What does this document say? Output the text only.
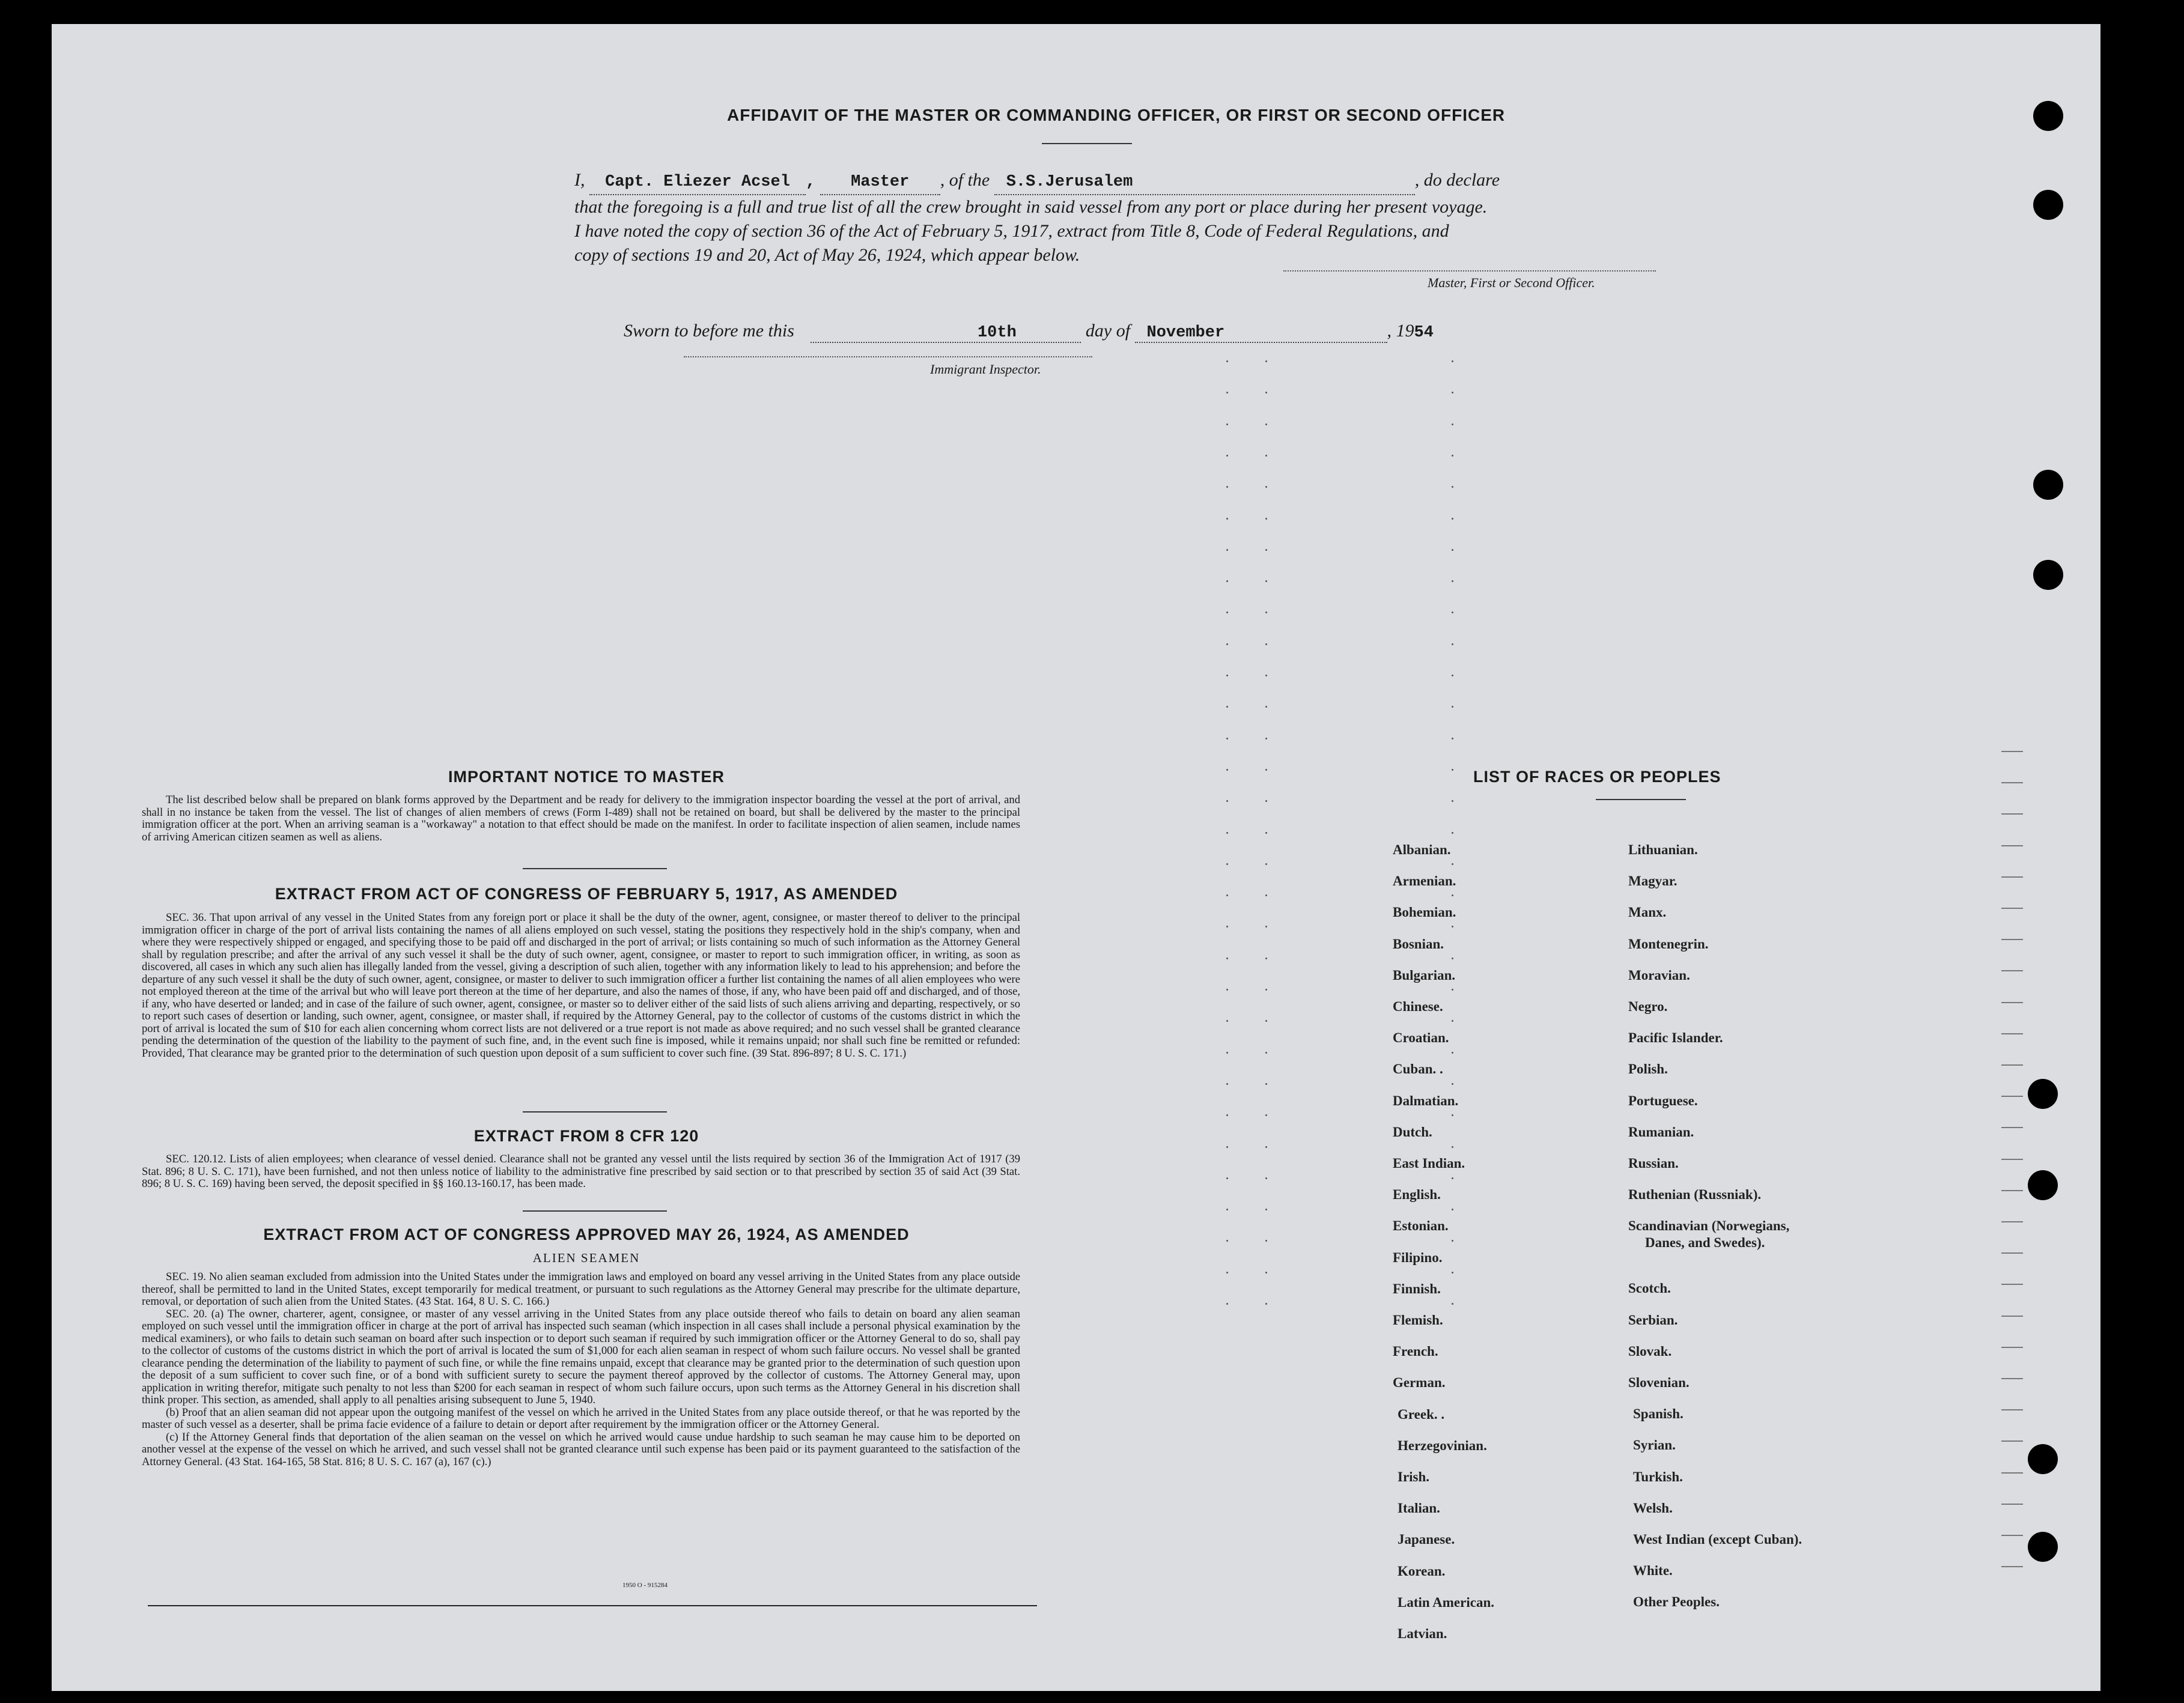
AFFIDAVIT OF THE MASTER OR COMMANDING OFFICER, OR FIRST OR SECOND OFFICER
I, Capt. Eliezer Acsel , Master , of the S.S.Jerusalem	, do declare
that the foregoing is a full and true list of all the crew brought in said vessel from any port or place during her present voyage.
I have noted the copy of section 36 of the Act of February 5, 1917, extract from Title 8, Code of Federal Regulations, and
copy of sections 19 and 20, Act of May 26, 1924, which appear below.
Master, First or Second Officer.
Sworn to before me this	10th	day of November	, 1954
Immigrant Inspector.
IMPORTANT NOTICE TO MASTER

The list described below shall be prepared on blank forms approved by the Department and be ready for delivery to the immigration inspector boarding the vessel at the port of arrival, and shall in no instance be taken from the vessel. The list of changes of alien members of crews (Form I-489) shall not be retained on board, but shall be delivered by the master to the principal immigration officer at the port. When an arriving seaman is a "workaway" a notation to that effect should be made on the manifest. In order to facilitate inspection of alien seamen, include names of arriving American citizen seamen as well as aliens.

EXTRACT FROM ACT OF CONGRESS OF FEBRUARY 5, 1917, AS AMENDED

SEC. 36. That upon arrival of any vessel in the United States from any foreign port or place it shall be the duty of the owner, agent, consignee, or master thereof to deliver to the principal immigration officer in charge of the port of arrival lists containing the names of all aliens employed on such vessel, stating the positions they respectively hold in the ship's company, when and where they were respectively shipped or engaged, and specifying those to be paid off and discharged in the port of arrival; or lists containing so much of such information as the Attorney General shall by regulation prescribe; and after the arrival of any such vessel it shall be the duty of such owner, agent, consignee, or master to report to such immigration officer, in writing, as soon as discovered, all cases in which any such alien has illegally landed from the vessel, giving a description of such alien, together with any information likely to lead to his apprehension; and before the departure of any such vessel it shall be the duty of such owner, agent, consignee, or master to deliver to such immigration officer a further list containing the names of all alien employees who were not employed thereon at the time of the arrival but who will leave port thereon at the time of her departure, and also the names of those, if any, who have been paid off and discharged, and of those, if any, who have deserted or landed; and in case of the failure of such owner, agent, consignee, or master so to deliver either of the said lists of such aliens arriving and departing, respectively, or so to report such cases of desertion or landing, such owner, agent, consignee, or master shall, if required by the Attorney General, pay to the collector of customs of the customs district in which the port of arrival is located the sum of $10 for each alien concerning whom correct lists are not delivered or a true report is not made as above required; and no such vessel shall be granted clearance pending the determination of the question of the liability to the payment of such fine, and, in the event such fine is imposed, while it remains unpaid; nor shall such fine be remitted or refunded: Provided, That clearance may be granted prior to the determination of such question upon deposit of a sum sufficient to cover such fine. (39 Stat. 896-897; 8 U. S. C. 171.)

EXTRACT FROM 8 CFR 120

SEC. 120.12. Lists of alien employees; when clearance of vessel denied. Clearance shall not be granted any vessel until the lists required by section 36 of the Immigration Act of 1917 (39 Stat. 896; 8 U. S. C. 171), have been furnished, and not then unless notice of liability to the administrative fine prescribed by said section or to that prescribed by section 35 of said Act (39 Stat. 896; 8 U. S. C. 169) having been served, the deposit specified in §§ 160.13-160.17, has been made.

EXTRACT FROM ACT OF CONGRESS APPROVED MAY 26, 1924, AS AMENDED
ALIEN SEAMEN

SEC. 19. No alien seaman excluded from admission into the United States under the immigration laws and employed on board any vessel arriving in the United States from any place outside thereof, shall be permitted to land in the United States, except temporarily for medical treatment, or pursuant to such regulations as the Attorney General may prescribe for the ultimate departure, removal, or deportation of such alien from the United States. (43 Stat. 164, 8 U. S. C. 166.)

SEC. 20. (a) The owner, charterer, agent, consignee, or master of any vessel arriving in the United States from any place outside thereof who fails to detain on board any alien seaman employed on such vessel until the immigration officer in charge at the port of arrival has inspected such seaman (which inspection in all cases shall include a personal physical examination by the medical examiners), or who fails to detain such seaman on board after such inspection or to deport such seaman if required by such immigration officer or the Attorney General to do so, shall pay to the collector of customs of the customs district in which the port of arrival is located the sum of $1,000 for each alien seaman in respect of whom such failure occurs. No vessel shall be granted clearance pending the determination of the liability to payment of such fine, or while the fine remains unpaid, except that clearance may be granted prior to the determination of such question upon the deposit of a sum sufficient to cover such fine, or of a bond with sufficient surety to secure the payment thereof approved by the collector of customs. The Attorney General may, upon application in writing therefor, mitigate such penalty to not less than $200 for each seaman in respect of whom such failure occurs, upon such terms as the Attorney General in his discretion shall think proper. This section, as amended, shall apply to all penalties arising subsequent to June 5, 1940.

(b) Proof that an alien seaman did not appear upon the outgoing manifest of the vessel on which he arrived in the United States from any place outside thereof, or that he was reported by the master of such vessel as a deserter, shall be prima facie evidence of a failure to detain or deport after requirement by the immigration officer or the Attorney General.

(c) If the Attorney General finds that deportation of the alien seaman on the vessel on which he arrived would cause undue hardship to such seaman he may cause him to be deported on another vessel at the expense of the vessel on which he arrived, and such vessel shall not be granted clearance until such expense has been paid or its payment guaranteed to the satisfaction of the Attorney General. (43 Stat. 164-165, 58 Stat. 816; 8 U. S. C. 167 (a), 167 (c).)

1950 O - 915284
LIST OF RACES OR PEOPLES
Albanian.
Armenian.
Bohemian.
Bosnian.
Bulgarian.
Chinese.
Croatian.
Cuban. .
Dalmatian.
Dutch.
East Indian.
English.
Estonian.
Filipino.
Finnish.
Flemish.
French.
German.
Greek. .
Herzegovinian.
Irish.
Italian.
Japanese.
Korean.
Latin American.
Latvian.
Lithuanian.
Magyar.
Manx.
Montenegrin.
Moravian.
Negro.
Pacific Islander.
Polish.
Portuguese.
Rumanian.
Russian.
Ruthenian (Russniak).
Scandinavian (Norwegians,
Danes, and Swedes).
Scotch.
Serbian.
Slovak.
Slovenian.
Spanish.
Syrian.
Turkish.
Welsh.
West Indian (except Cuban).
White.
Other Peoples.
